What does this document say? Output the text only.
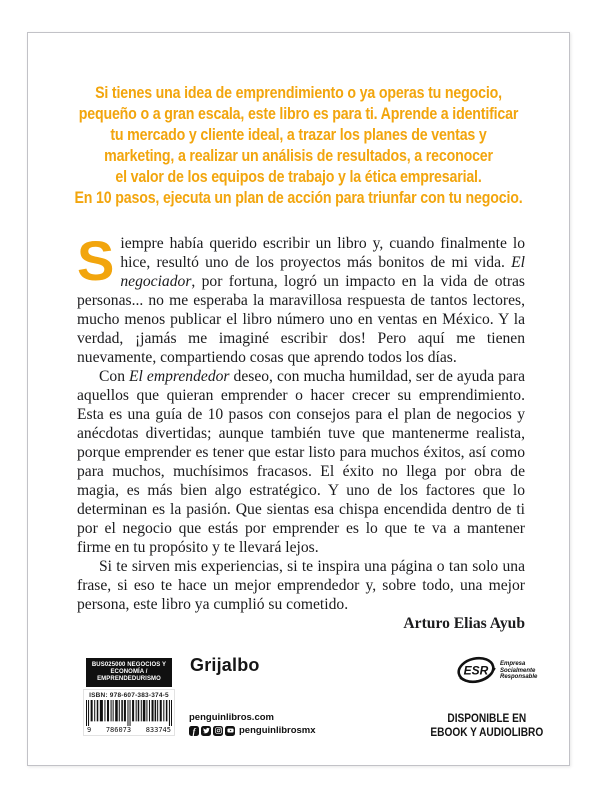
Si tienes una idea de emprendimiento o ya operas tu negocio,
pequeño o a gran escala, este libro es para ti. Aprende a identificar
tu mercado y cliente ideal, a trazar los planes de ventas y
marketing, a realizar un análisis de resultados, a reconocer
el valor de los equipos de trabajo y la ética empresarial.
En 10 pasos, ejecuta un plan de acción para triunfar con tu negocio.

Siempre había querido escribir un libro y, cuando finalmente lo hice, resultó uno de los proyectos más bonitos de mi vida. El negociador, por fortuna, logró un impacto en la vida de otras personas... no me esperaba la maravillosa respuesta de tantos lectores, mucho menos publicar el libro número uno en ventas en México. Y la verdad, ¡jamás me imaginé escribir dos! Pero aquí me tienen nuevamente, compartiendo cosas que aprendo todos los días.

Con El emprendedor deseo, con mucha humildad, ser de ayuda para aquellos que quieran emprender o hacer crecer su emprendimiento. Esta es una guía de 10 pasos con consejos para el plan de negocios y anécdotas divertidas; aunque también tuve que mantenerme realista, porque emprender es tener que estar listo para muchos éxitos, así como para muchos, muchísimos fracasos. El éxito no llega por obra de magia, es más bien algo estratégico. Y uno de los factores que lo determinan es la pasión. Que sientas esa chispa encendida dentro de ti por el negocio que estás por emprender es lo que te va a mantener firme en tu propósito y te llevará lejos.

Si te sirven mis experiencias, si te inspira una página o tan solo una frase, si eso te hace un mejor emprendedor y, sobre todo, una mejor persona, este libro ya cumplió su cometido.

Arturo Elias Ayub

BUS025000 NEGOCIOS Y ECONOMÍA /
EMPRENDEDURISMO
ISBN: 978-607-383-374-5
9 786073 833745
Grijalbo
penguinlibros.com
f
penguinlibrosmx
ESR Empresa
Socialmente
Responsable
DISPONIBLE EN
EBOOK Y AUDIOLIBRO
